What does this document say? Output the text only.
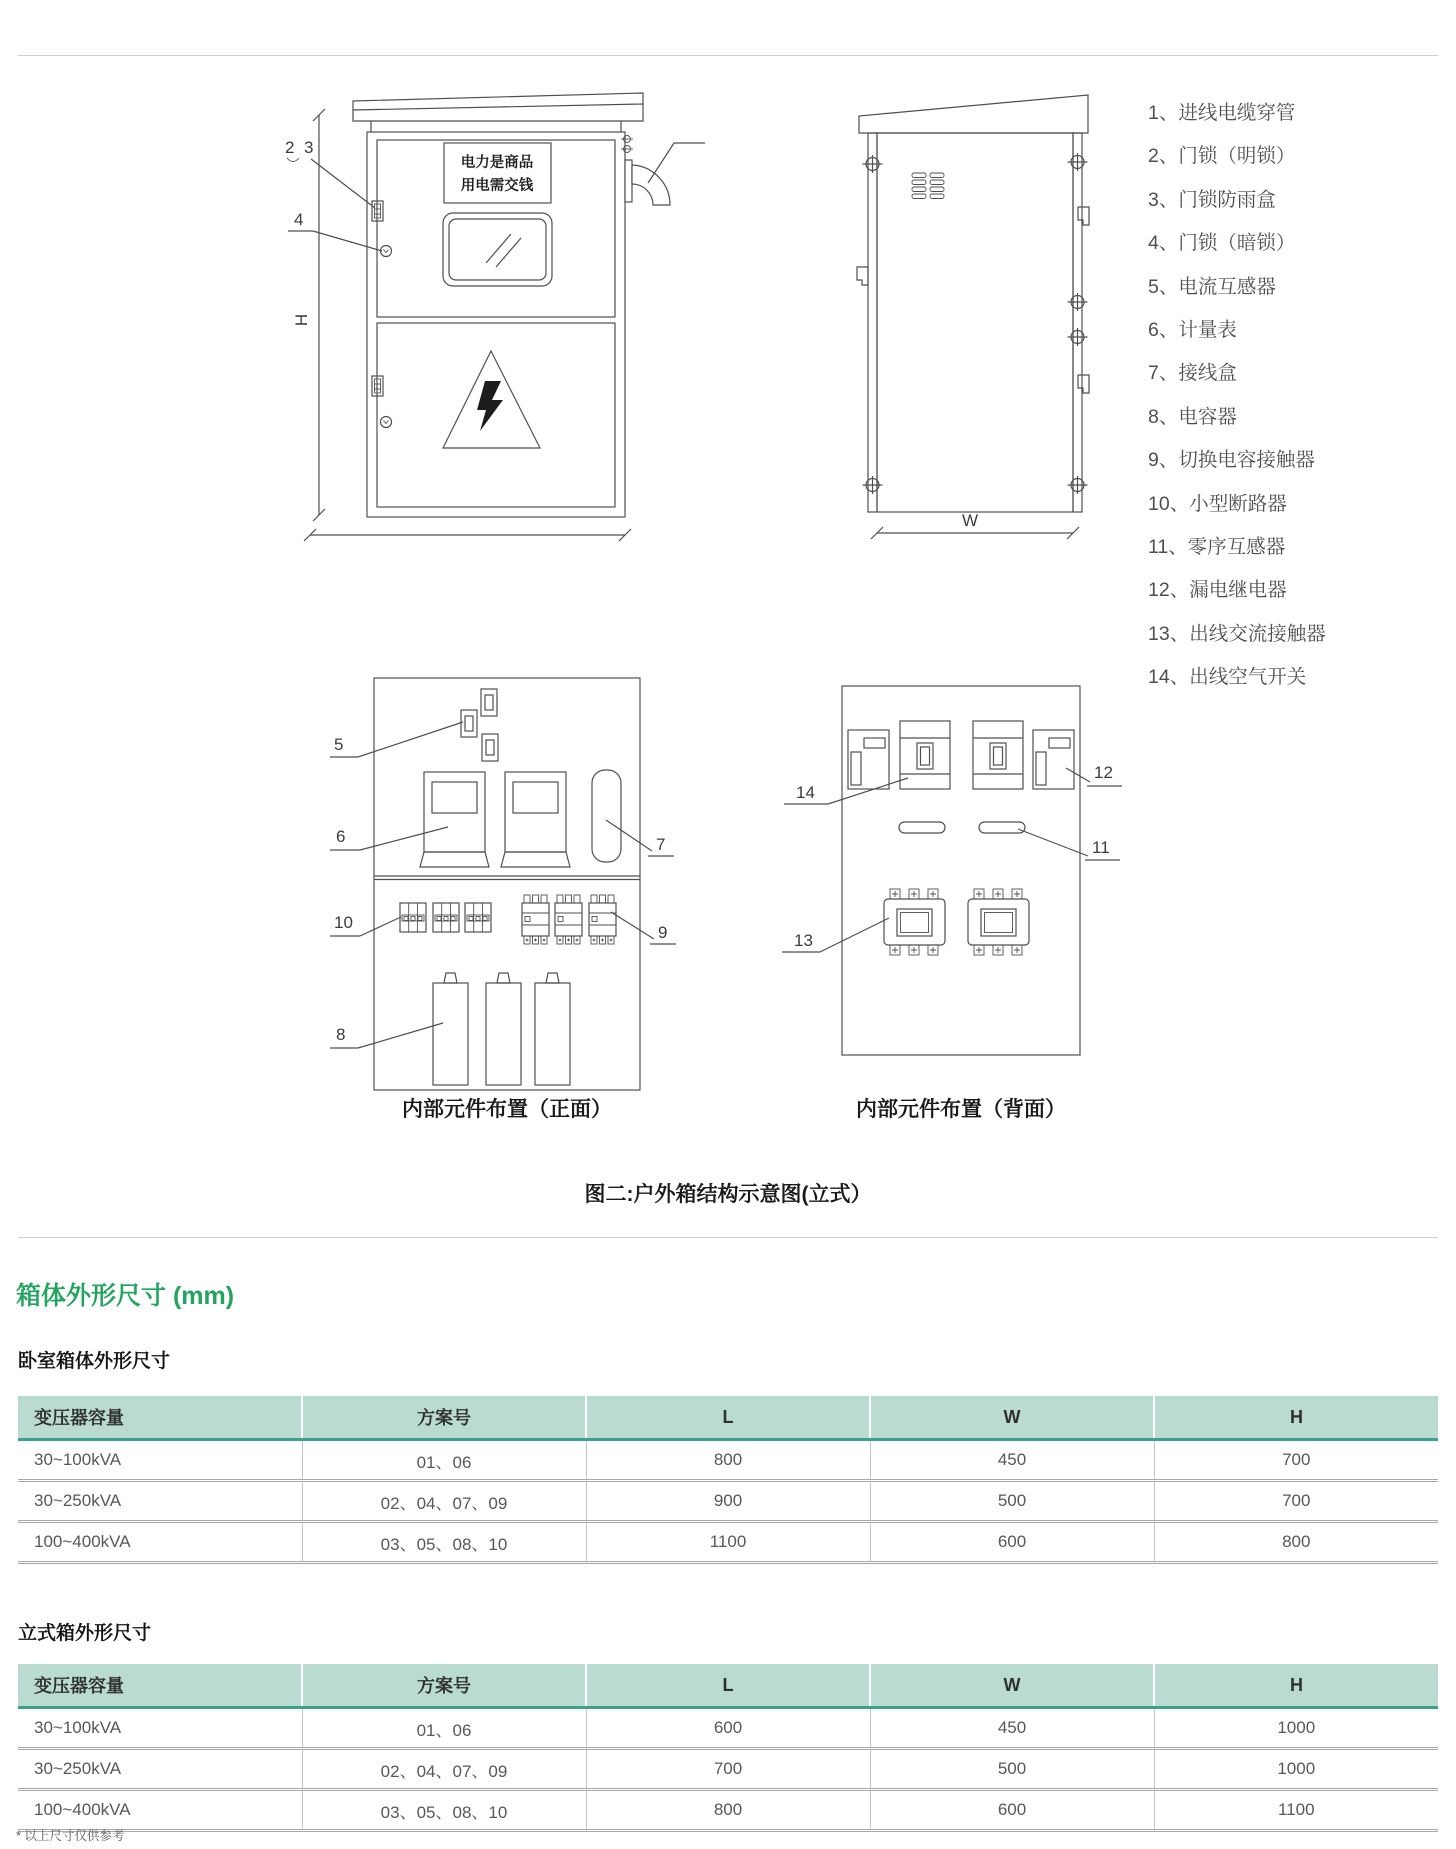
电力是商品
用电需交钱
H
2 3
4
W
1、进线电缆穿管
2、门锁（明锁）
3、门锁防雨盒
4、门锁（暗锁）
5、电流互感器
6、计量表
7、接线盒
8、电容器
9、切换电容接触器
10、小型断路器
11、零序互感器
12、漏电继电器
13、出线交流接触器
14、出线空气开关
5
6	7
10
9
8
14
12
11
13
内部元件布置（正面）	内部元件布置（背面）
图二:户外箱结构示意图(立式）
箱体外形尺寸 (mm)
卧室箱体外形尺寸
变压器容量	方案号	L	W	H
30~100kVA	01、06	800	450	700
30~250kVA	02、04、07、09	900	500	700
100~400kVA	03、05、08、10	1100	600	800
立式箱外形尺寸
变压器容量	方案号	L	W	H
30~100kVA	01、06	600	450	1000
30~250kVA	02、04、07、09	700	500	1000
100~400kVA	03、05、08、10	800	600	1100
* 以上尺寸仅供参考
